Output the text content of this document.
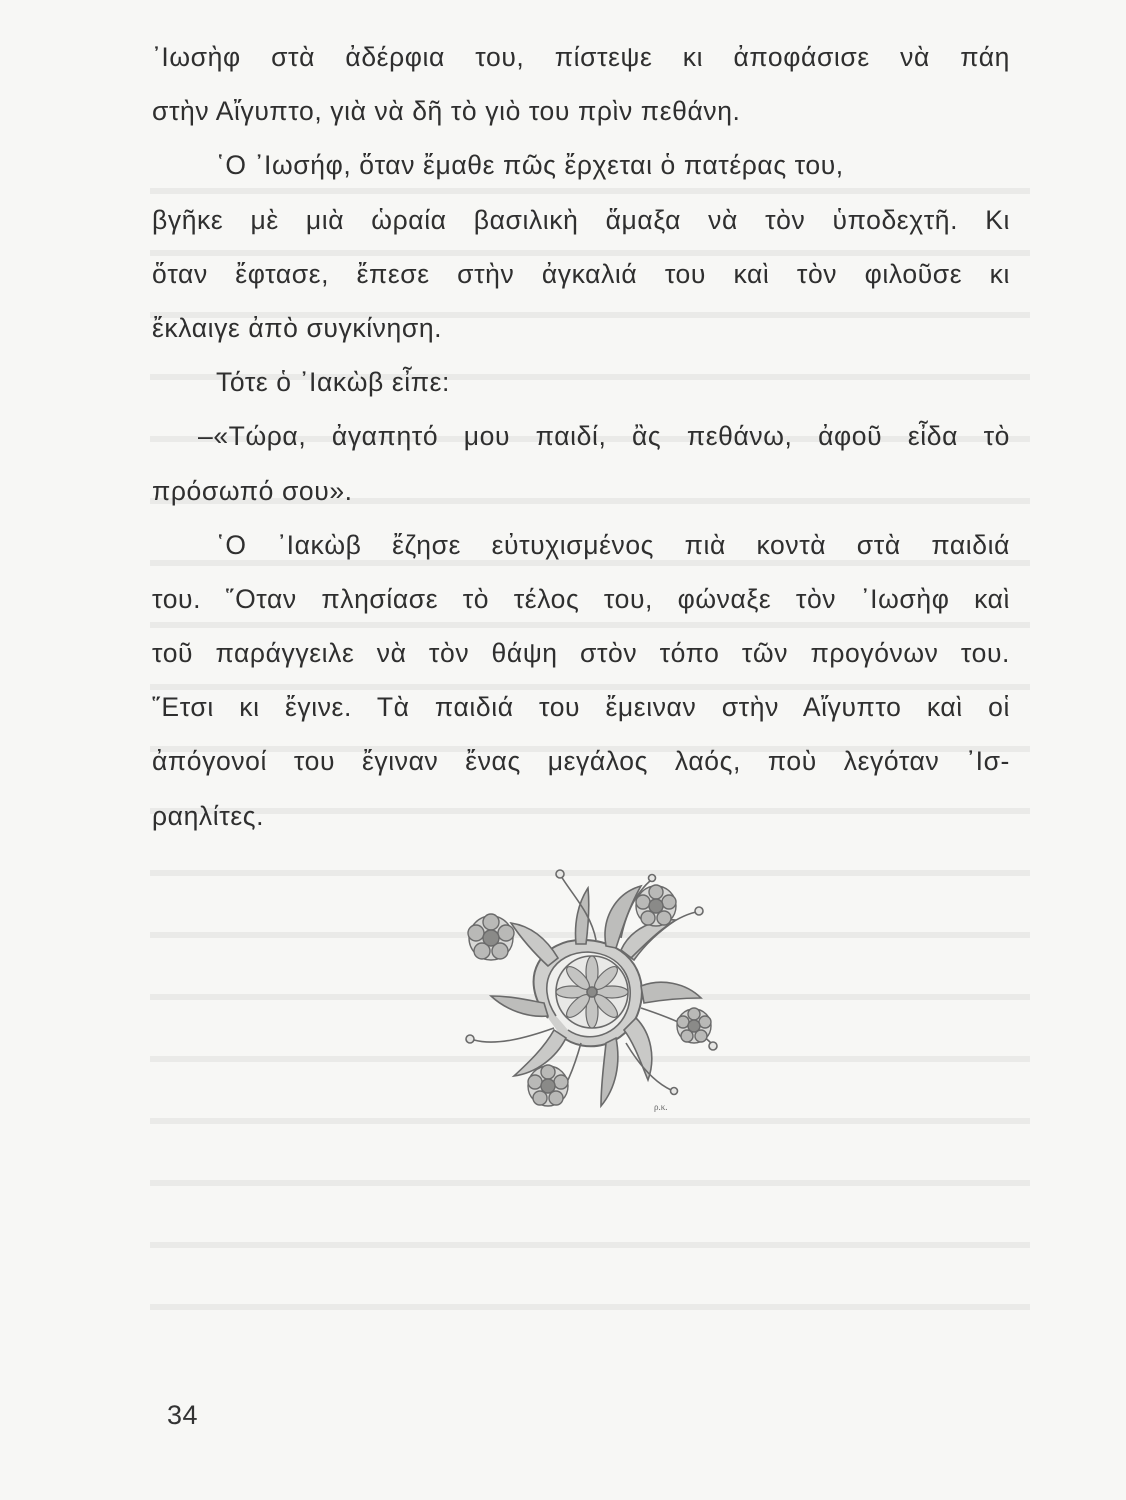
᾿Ιωσὴφ στὰ ἀδέρφια του, πίστεψε κι ἀποφάσισε νὰ πάη
στὴν Αἴγυπτο, γιὰ νὰ δῆ τὸ γιὸ του πρὶν πεθάνη.
῾Ο ᾿Ιωσήφ, ὅταν ἔμαθε πῶς ἔρχεται ὁ πατέρας του,
βγῆκε μὲ μιὰ ὡραία βασιλικὴ ἅμαξα νὰ τὸν ὑποδεχτῆ. Κι
ὅταν ἔφτασε, ἔπεσε στὴν ἀγκαλιά του καὶ τὸν φιλοῦσε κι
ἔκλαιγε ἀπὸ συγκίνηση.
Τότε ὁ ᾿Ιακὼβ εἶπε:
–«Τώρα, ἀγαπητό μου παιδί, ἂς πεθάνω, ἀφοῦ εἶδα τὸ
πρόσωπό σου».
῾Ο ᾿Ιακὼβ ἔζησε εὐτυχισμένος πιὰ κοντὰ στὰ παιδιά
του. ῞Οταν πλησίασε τὸ τέλος του, φώναξε τὸν ᾿Ιωσὴφ καὶ
τοῦ παράγγειλε νὰ τὸν θάψη στὸν τόπο τῶν προγόνων του.
῞Ετσι κι ἔγινε. Τὰ παιδιά του ἔμειναν στὴν Αἴγυπτο καὶ οἱ
ἀπόγονοί του ἔγιναν ἔνας μεγάλος λαός, ποὺ λεγόταν ᾿Ισ-
ραηλίτες.
ρ.κ.
34
